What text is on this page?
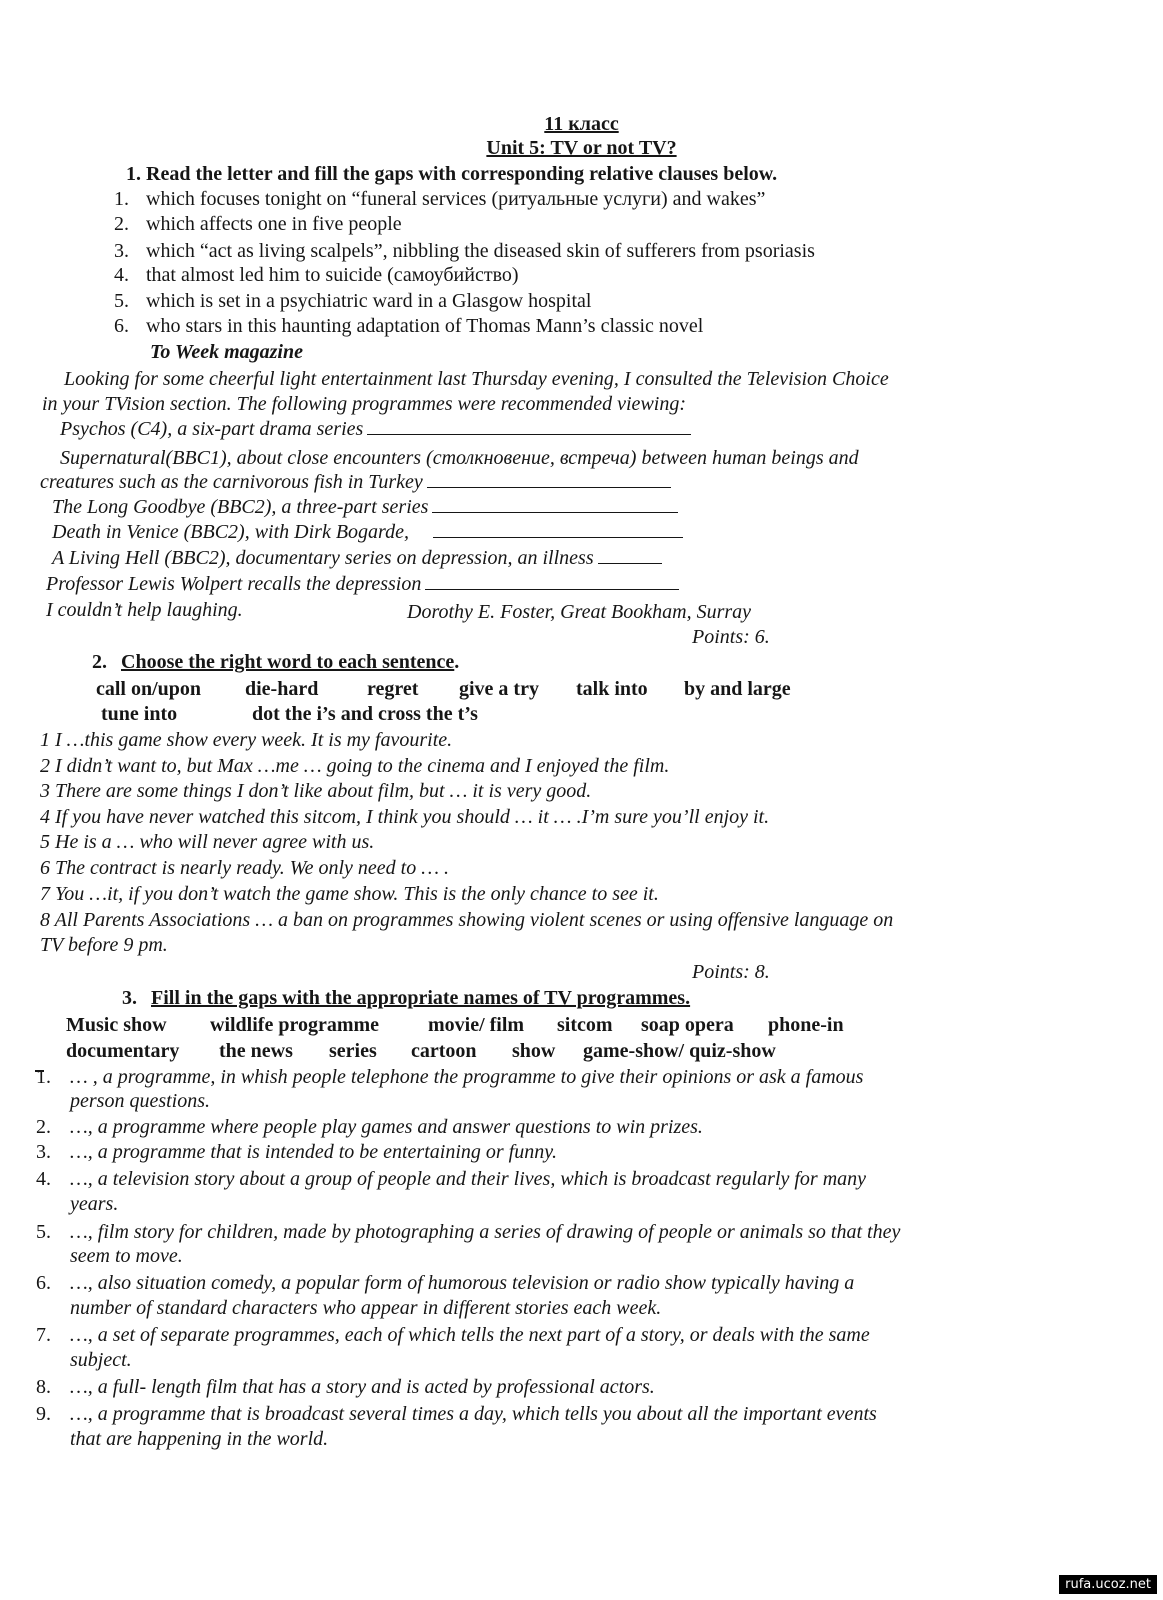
11 класс
Unit 5: TV or not TV?
1. Read the letter and fill the gaps with corresponding relative clauses below.
1. which focuses tonight on “funeral services (ритуальные услуги) and wakes”
2. which affects one in five people
3. which “act as living scalpels”, nibbling the diseased skin of sufferers from psoriasis
4. that almost led him to suicide (самоубийство)
5. which is set in a psychiatric ward in a Glasgow hospital
6. who stars in this haunting adaptation of Thomas Mann’s classic novel
To Week magazine
Looking for some cheerful light entertainment last Thursday evening, I consulted the Television Choice
in your TVision section. The following programmes were recommended viewing:
Psychos (C4), a six-part drama series
Supernatural(BBC1), about close encounters (столкновение, встреча) between human beings and
creatures such as the carnivorous fish in Turkey
The Long Goodbye (BBC2), a three-part series
Death in Venice (BBC2), with Dirk Bogarde,
A Living Hell (BBC2), documentary series on depression, an illness
Professor Lewis Wolpert recalls the depression
I couldn’t help laughing.	Dorothy E. Foster, Great Bookham, Surray
Points: 6.
2. Choose the right word to each sentence.
call on/upon die-hard regret give a try talk into by and large
tune into	dot the i’s and cross the t’s
1 I …this game show every week. It is my favourite.
2 I didn’t want to, but Max …me … going to the cinema and I enjoyed the film.
3 There are some things I don’t like about film, but … it is very good.
4 If you have never watched this sitcom, I think you should … it … .I’m sure you’ll enjoy it.
5 He is a … who will never agree with us.
6 The contract is nearly ready. We only need to … .
7 You …it, if you don’t watch the game show. This is the only chance to see it.
8 All Parents Associations … a ban on programmes showing violent scenes or using offensive language on
TV before 9 pm.
Points: 8.
3. Fill in the gaps with the appropriate names of TV programmes.
Music show wildlife programme movie/ film sitcom soap opera phone-in
documentary the news series cartoon show game-show/ quiz-show
1. … , a programme, in whish people telephone the programme to give their opinions or ask a famous
person questions.
2. …, a programme where people play games and answer questions to win prizes.
3. …, a programme that is intended to be entertaining or funny.
4. …, a television story about a group of people and their lives, which is broadcast regularly for many
years.
5. …, film story for children, made by photographing a series of drawing of people or animals so that they
seem to move.
6. …, also situation comedy, a popular form of humorous television or radio show typically having a
number of standard characters who appear in different stories each week.
7. …, a set of separate programmes, each of which tells the next part of a story, or deals with the same
subject.
8. …, a full- length film that has a story and is acted by professional actors.
9. …, a programme that is broadcast several times a day, which tells you about all the important events
that are happening in the world.
rufa.ucoz.net
